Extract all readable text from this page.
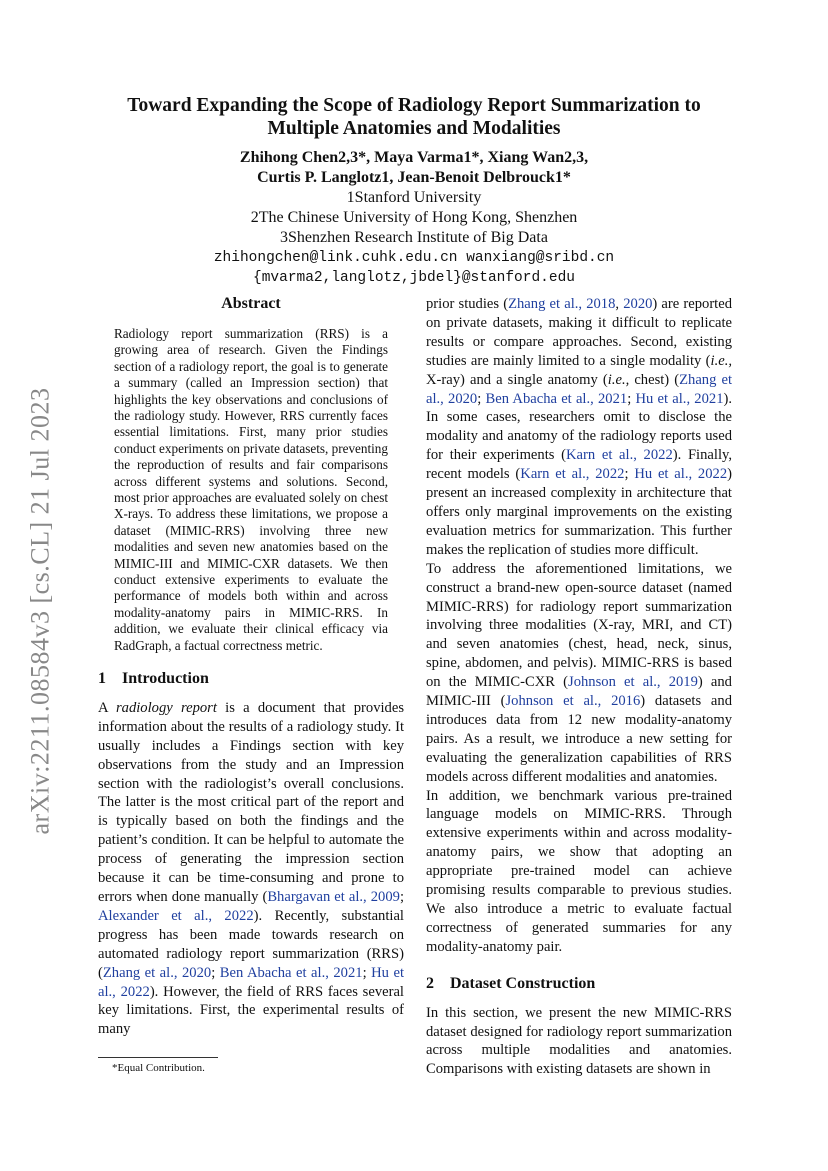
arXiv:2211.08584v3 [cs.CL] 21 Jul 2023
Toward Expanding the Scope of Radiology Report Summarization to
Multiple Anatomies and Modalities
Zhihong Chen2,3*, Maya Varma1*, Xiang Wan2,3,
Curtis P. Langlotz1, Jean-Benoit Delbrouck1*
1Stanford University
2The Chinese University of Hong Kong, Shenzhen
3Shenzhen Research Institute of Big Data
zhihongchen@link.cuhk.edu.cn wanxiang@sribd.cn
{mvarma2,langlotz,jbdel}@stanford.edu
Abstract

Radiology report summarization (RRS) is a growing area of research. Given the Findings section of a radiology report, the goal is to generate a summary (called an Impression section) that highlights the key observations and conclusions of the radiology study. However, RRS currently faces essential limitations. First, many prior studies conduct experiments on private datasets, preventing the reproduction of results and fair comparisons across different systems and solutions. Second, most prior approaches are evaluated solely on chest X-rays. To address these limitations, we propose a dataset (MIMIC-RRS) involving three new modalities and seven new anatomies based on the MIMIC-III and MIMIC-CXR datasets. We then conduct extensive experiments to evaluate the performance of models both within and across modality-anatomy pairs in MIMIC-RRS. In addition, we evaluate their clinical efficacy via RadGraph, a factual correctness metric.

1 Introduction

A radiology report is a document that provides information about the results of a radiology study. It usually includes a Findings section with key observations from the study and an Impression section with the radiologist’s overall conclusions. The latter is the most critical part of the report and is typically based on both the findings and the patient’s condition. It can be helpful to automate the process of generating the impression section because it can be time-consuming and prone to errors when done manually (Bhargavan et al., 2009; Alexander et al., 2022). Recently, substantial progress has been made towards research on automated radiology report summarization (RRS) (Zhang et al., 2020; Ben Abacha et al., 2021; Hu et al., 2022). However, the field of RRS faces several key limitations. First, the experimental results of many

prior studies (Zhang et al., 2018, 2020) are reported on private datasets, making it difficult to replicate results or compare approaches. Second, existing studies are mainly limited to a single modality (i.e., X-ray) and a single anatomy (i.e., chest) (Zhang et al., 2020; Ben Abacha et al., 2021; Hu et al., 2021). In some cases, researchers omit to disclose the modality and anatomy of the radiology reports used for their experiments (Karn et al., 2022). Finally, recent models (Karn et al., 2022; Hu et al., 2022) present an increased complexity in architecture that offers only marginal improvements on the existing evaluation metrics for summarization. This further makes the replication of studies more difficult.

To address the aforementioned limitations, we construct a brand-new open-source dataset (named MIMIC-RRS) for radiology report summarization involving three modalities (X-ray, MRI, and CT) and seven anatomies (chest, head, neck, sinus, spine, abdomen, and pelvis). MIMIC-RRS is based on the MIMIC-CXR (Johnson et al., 2019) and MIMIC-III (Johnson et al., 2016) datasets and introduces data from 12 new modality-anatomy pairs. As a result, we introduce a new setting for evaluating the generalization capabilities of RRS models across different modalities and anatomies.

In addition, we benchmark various pre-trained language models on MIMIC-RRS. Through extensive experiments within and across modality-anatomy pairs, we show that adopting an appropriate pre-trained model can achieve promising results comparable to previous studies. We also introduce a metric to evaluate factual correctness of generated summaries for any modality-anatomy pair.

2 Dataset Construction

In this section, we present the new MIMIC-RRS dataset designed for radiology report summarization across multiple modalities and anatomies. Comparisons with existing datasets are shown in

*Equal Contribution.
